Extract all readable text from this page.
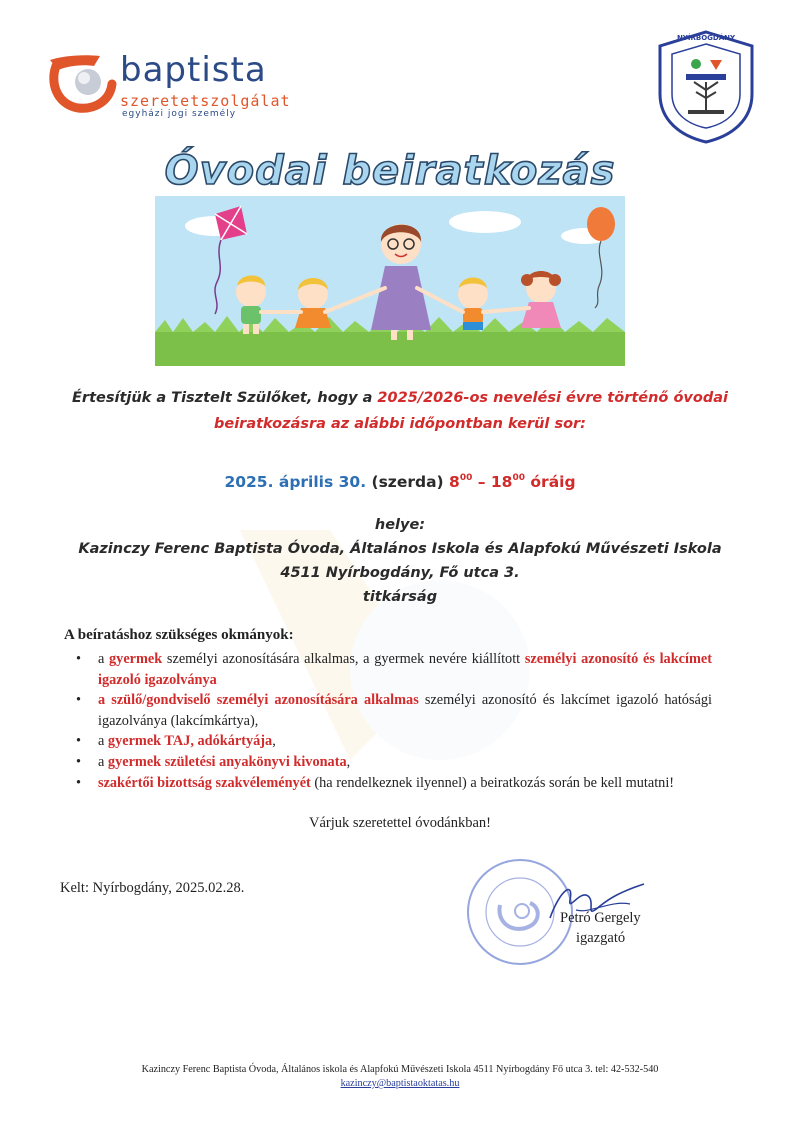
baptista
szeretetszolgálat
egyházi jogi személy
NYÍRBOGDÁNY
Óvodai beiratkozás
Értesítjük a Tisztelt Szülőket, hogy a 2025/2026-os nevelési évre történő óvodai beiratkozásra az alábbi időpontban kerül sor:
2025. április 30. (szerda) $8^{00} - 18^{00}$ óráig
helye:
Kazinczy Ferenc Baptista Óvoda, Általános Iskola és Alapfokú Művészeti Iskola
4511 Nyírbogdány, Fő utca 3.
titkárság
A beíratáshoz szükséges okmányok:
• a gyermek személyi azonosítására alkalmas, a gyermek nevére kiállított személyi azonosító és lakcímet igazoló igazolványa
• a szülő/gondviselő személyi azonosítására alkalmas személyi azonosító és lakcímet igazoló hatósági igazolványa (lakcímkártya),
• a gyermek TAJ, adókártyája,
• a gyermek születési anyakönyvi kivonata,
• szakértői bizottság szakvéleményét (ha rendelkeznek ilyennel) a beiratkozás során be kell mutatni!
Várjuk szeretettel óvodánkban!
Kelt: Nyírbogdány, 2025.02.28.
Petró Gergely
igazgató
Kazinczy Ferenc Baptista Óvoda, Általános iskola és Alapfokú Művészeti Iskola 4511 Nyírbogdány Fő utca 3. tel: 42-532-540
kazinczy@baptistaoktatas.hu
